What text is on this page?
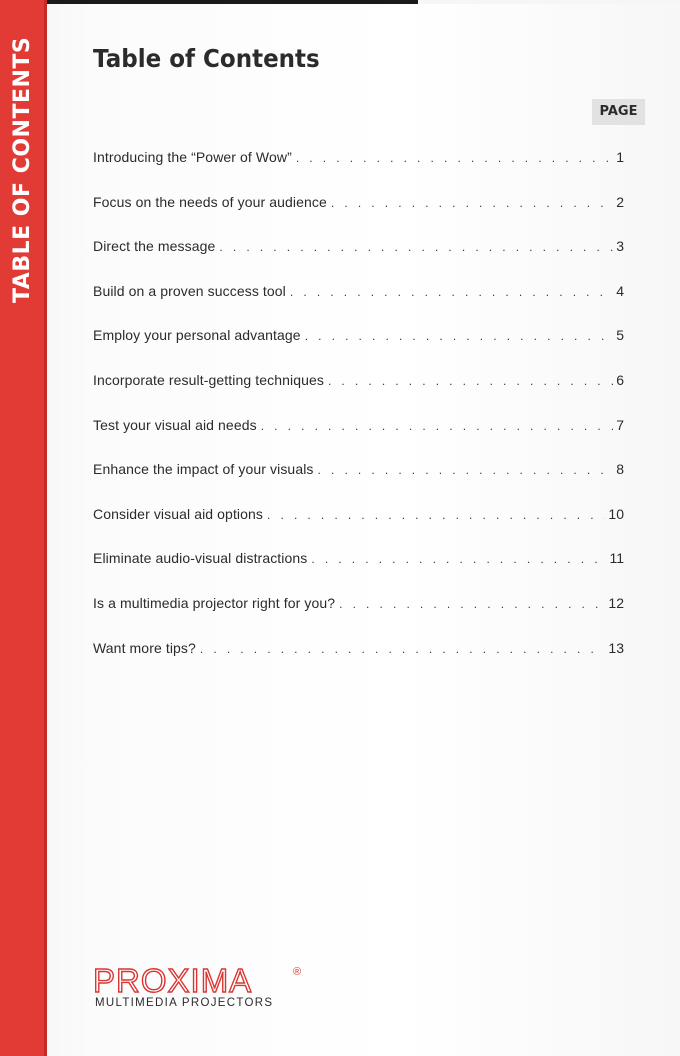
TABLE OF CONTENTS Table of Contents
PAGE
Introducing the “Power of Wow” . . .	1
Focus on the needs of your audience . . .	2
Direct the message . . .	3
Build on a proven success tool . . .	4
Employ your personal advantage . . .	5
Incorporate result-getting techniques . . .	6
Test your visual aid needs . . .	7
Enhance the impact of your visuals . . .	8
Consider visual aid options . . .	10
Eliminate audio-visual distractions . . .	11
Is a multimedia projector right for you? . . .	12
Want more tips? . . .	13
PROXIMA	®
MULTIMEDIA PROJECTORS
